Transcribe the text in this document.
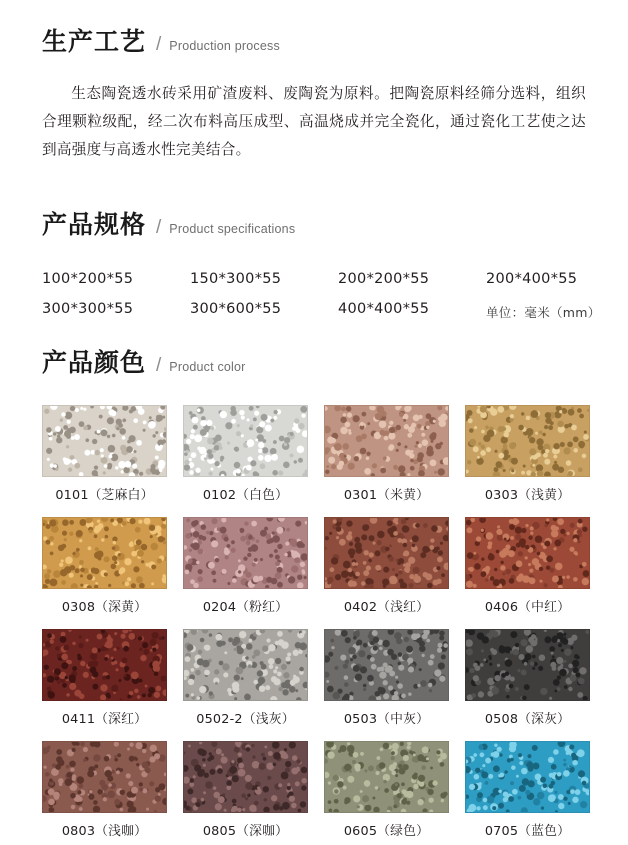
生产工艺 / Production process

生态陶瓷透水砖采用矿渣废料、废陶瓷为原料。把陶瓷原料经筛分选料，组织合理颗粒级配，经二次布料高压成型、高温烧成并完全瓷化，通过瓷化工艺使之达到高强度与高透水性完美结合。

产品规格 / Product specifications
100*200*55	150*300*55	200*200*55	200*400*55
300*300*55	300*600*55	400*400*55	单位：毫米（mm）
产品颜色 / Product color
0101（芝麻白）	0102（白色）	0301（米黄）	0303（浅黄）
0308（深黄）	0204（粉红）	0402（浅红）	0406（中红）
0411（深红）	0502-2（浅灰）	0503（中灰）	0508（深灰）
0803（浅咖）	0805（深咖）	0605（绿色）	0705（蓝色）
